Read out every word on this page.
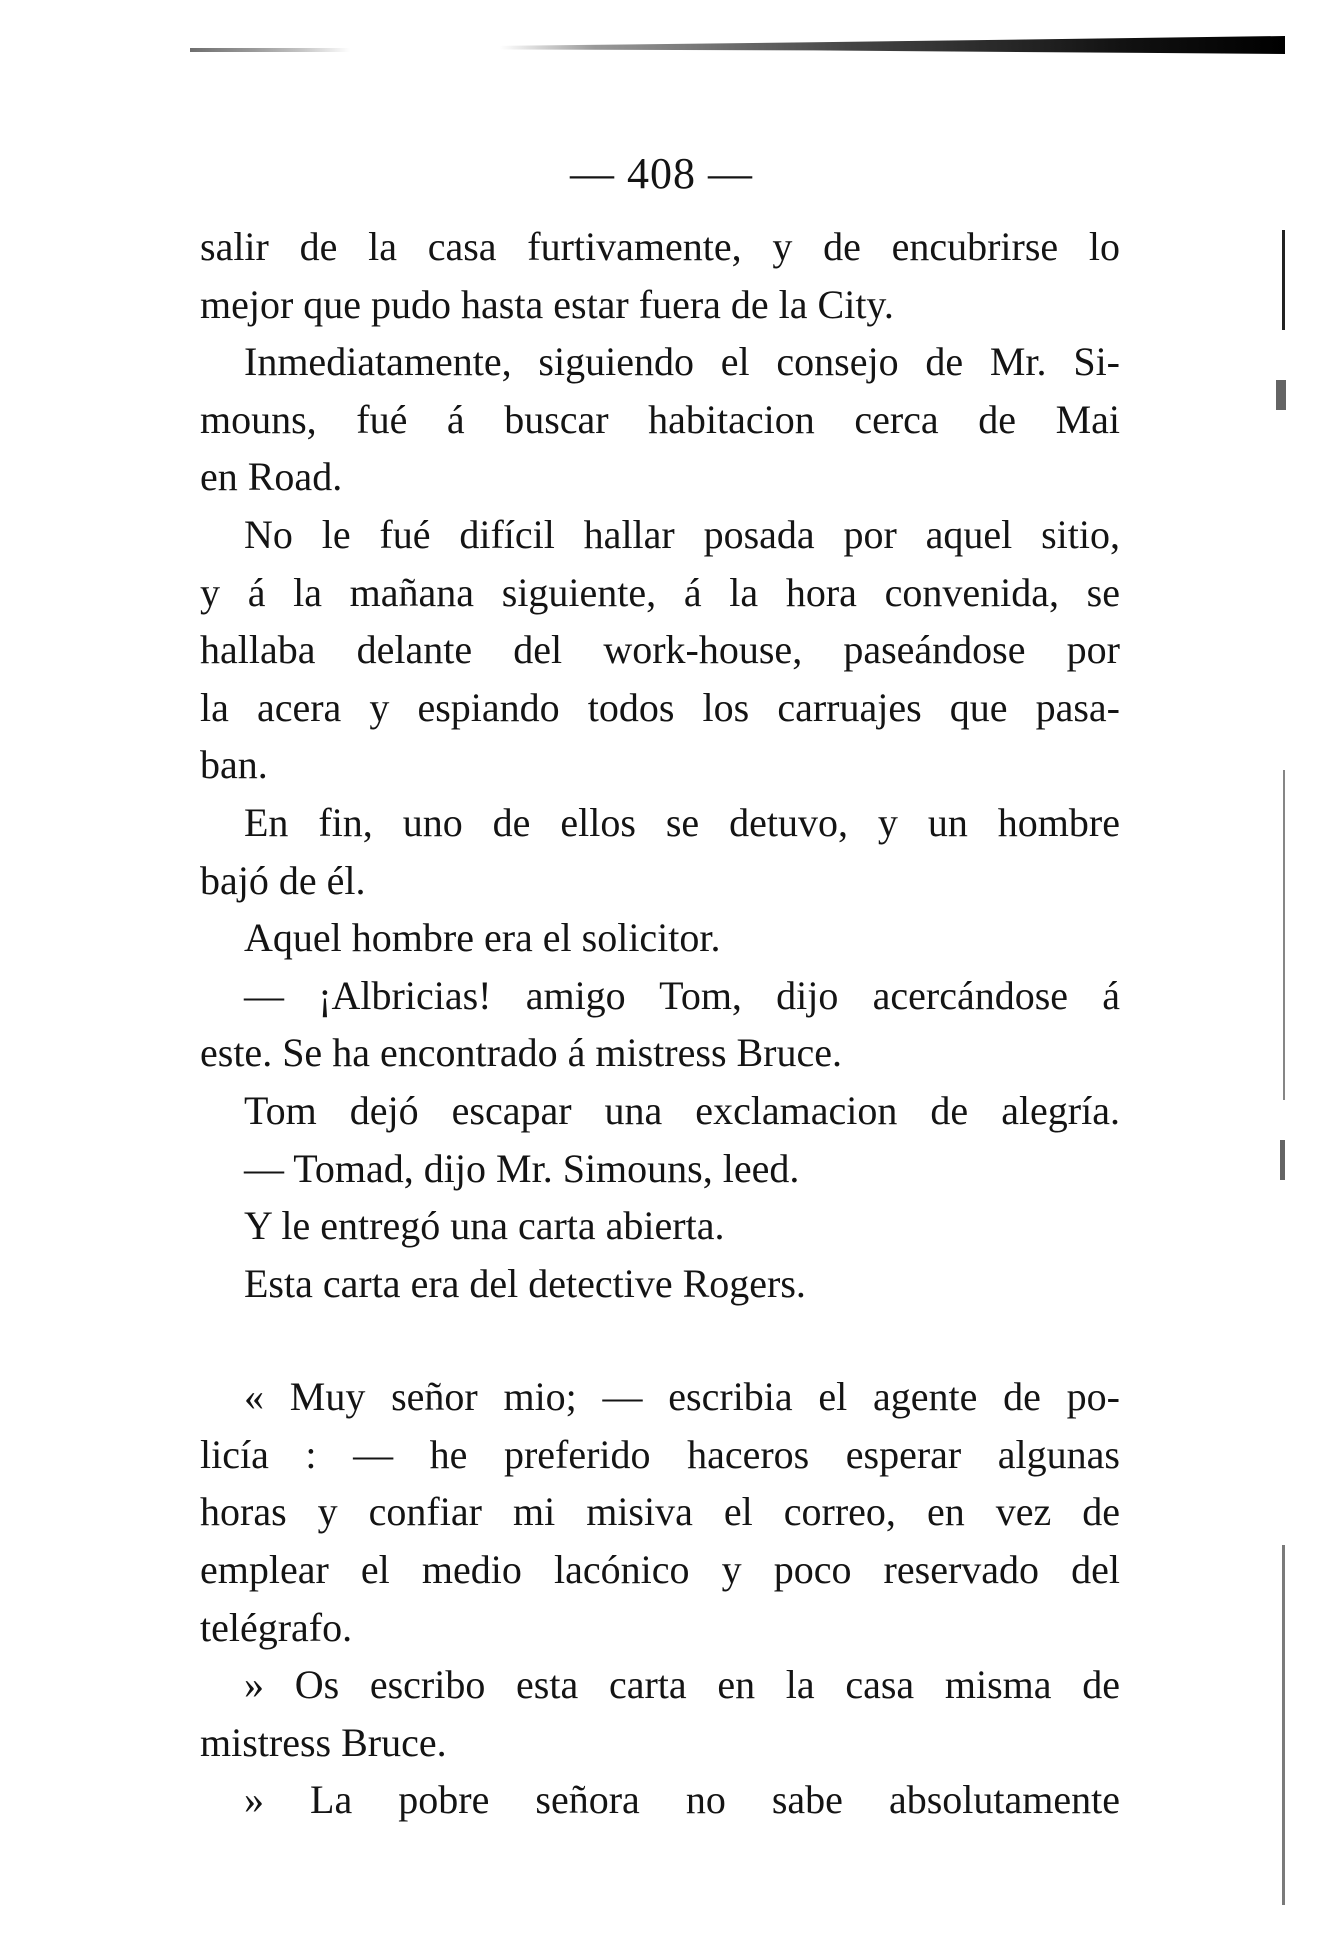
— 408 —
salir de la casa furtivamente, y de encubrirse lo
mejor que pudo hasta estar fuera de la City.
Inmediatamente, siguiendo el consejo de Mr. Si-
mouns, fué á buscar habitacion cerca de Mai
en Road.
No le fué difícil hallar posada por aquel sitio,
y á la mañana siguiente, á la hora convenida, se
hallaba delante del work-house, paseándose por
la acera y espiando todos los carruajes que pasa-
ban.
En fin, uno de ellos se detuvo, y un hombre
bajó de él.
Aquel hombre era el solicitor.
— ¡Albricias! amigo Tom, dijo acercándose á
este. Se ha encontrado á mistress Bruce.
Tom dejó escapar una exclamacion de alegría.
— Tomad, dijo Mr. Simouns, leed.
Y le entregó una carta abierta.
Esta carta era del detective Rogers.
« Muy señor mio; — escribia el agente de po-
licía : — he preferido haceros esperar algunas
horas y confiar mi misiva el correo, en vez de
emplear el medio lacónico y poco reservado del
telégrafo.
» Os escribo esta carta en la casa misma de
mistress Bruce.
» La pobre señora no sabe absolutamente
